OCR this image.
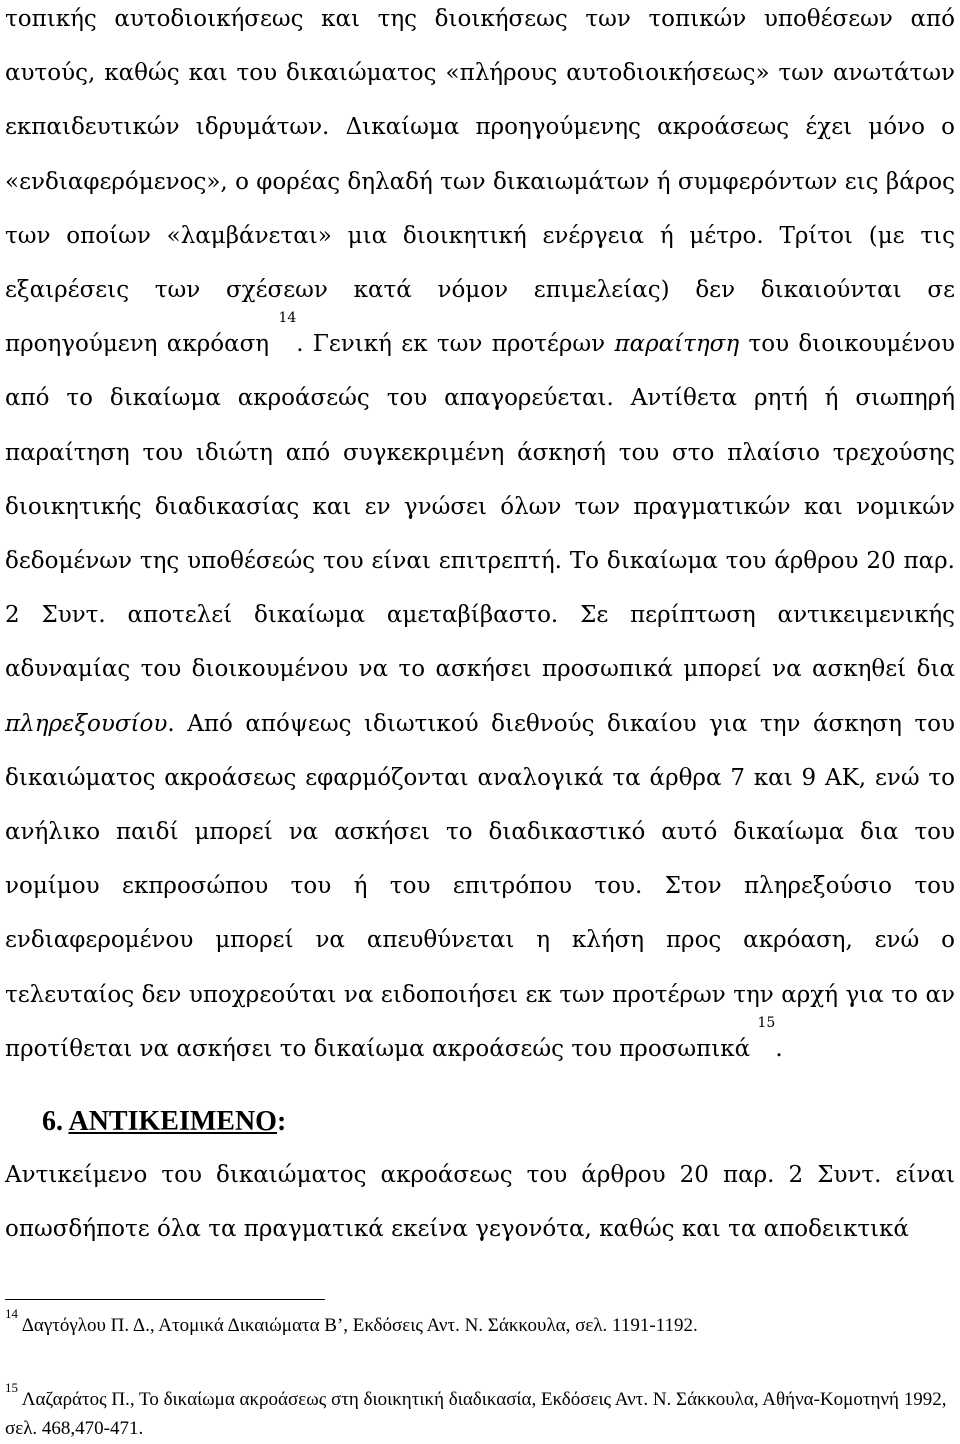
τοπικής αυτοδιοικήσεως και της διοικήσεως των τοπικών υποθέσεων από αυτούς, καθώς και του δικαιώματος «πλήρους αυτοδιοικήσεως» των ανωτάτων εκπαιδευτικών ιδρυμάτων. Δικαίωμα προηγούμενης ακροάσεως έχει μόνο ο «ενδιαφερόμενος», ο φορέας δηλαδή των δικαιωμάτων ή συμφερόντων εις βάρος των οποίων «λαμβάνεται» μια διοικητική ενέργεια ή μέτρο. Τρίτοι (με τις εξαιρέσεις των σχέσεων κατά νόμον επιμελείας) δεν δικαιούνται σε προηγούμενη ακρόαση $^{14}$. Γενική εκ των προτέρων παραίτηση του διοικουμένου από το δικαίωμα ακροάσεώς του απαγορεύεται. Αντίθετα ρητή ή σιωπηρή παραίτηση του ιδιώτη από συγκεκριμένη άσκησή του στο πλαίσιο τρεχούσης διοικητικής διαδικασίας και εν γνώσει όλων των πραγματικών και νομικών δεδομένων της υποθέσεώς του είναι επιτρεπτή. Το δικαίωμα του άρθρου 20 παρ. 2 Συντ. αποτελεί δικαίωμα αμεταβίβαστο. Σε περίπτωση αντικειμενικής αδυναμίας του διοικουμένου να το ασκήσει προσωπικά μπορεί να ασκηθεί δια πληρεξουσίου. Από απόψεως ιδιωτικού διεθνούς δικαίου για την άσκηση του δικαιώματος ακροάσεως εφαρμόζονται αναλογικά τα άρθρα 7 και 9 ΑΚ, ενώ το ανήλικο παιδί μπορεί να ασκήσει το διαδικαστικό αυτό δικαίωμα δια του νομίμου εκπροσώπου του ή του επιτρόπου του. Στον πληρεξούσιο του ενδιαφερομένου μπορεί να απευθύνεται η κλήση προς ακρόαση, ενώ ο τελευταίος δεν υποχρεούται να ειδοποιήσει εκ των προτέρων την αρχή για το αν προτίθεται να ασκήσει το δικαίωμα ακροάσεώς του προσωπικά $^{15}$.

6. ΑΝΤΙΚΕΙΜΕΝΟ:

Αντικείμενο του δικαιώματος ακροάσεως του άρθρου 20 παρ. 2 Συντ. είναι οπωσδήποτε όλα τα πραγματικά εκείνα γεγονότα, καθώς και τα αποδεικτικά

$^{14}$ Δαγτόγλου Π. Δ., Ατομικά Δικαιώματα Β’, Εκδόσεις Αντ. Ν. Σάκκουλα, σελ. 1191-1192.

$^{15}$ Λαζαράτος Π., Το δικαίωμα ακροάσεως στη διοικητική διαδικασία, Εκδόσεις Αντ. Ν. Σάκκουλα, Αθήνα-Κομοτηνή 1992, σελ. 468,470-471.
